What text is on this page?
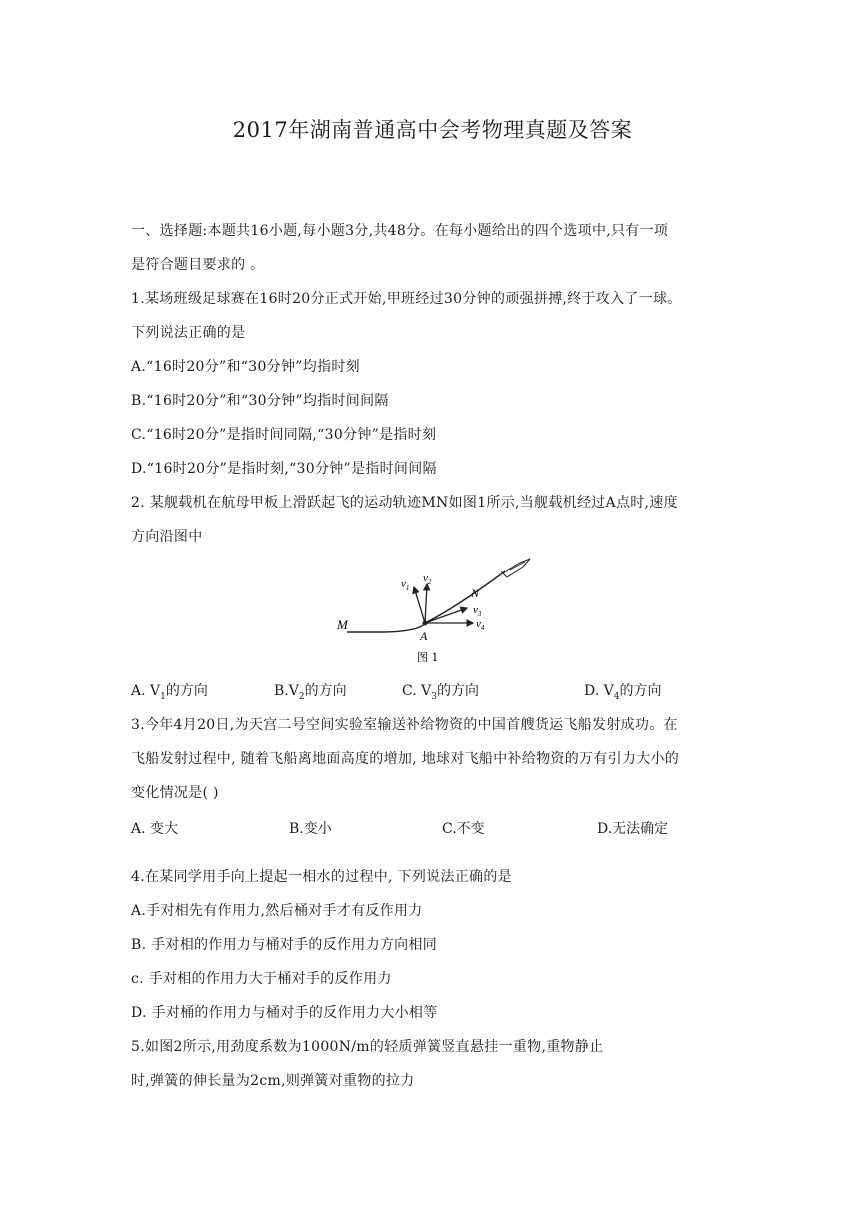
2017年湖南普通高中会考物理真题及答案
一、选择题:本题共16小题,每小题3分,共48分。在每小题给出的四个选项中,只有一项
是符合题目要求的 。
1.某场班级足球赛在16时20分正式开始,甲班经过30分钟的顽强拼搏,终于攻入了一球。
下列说法正确的是
A.“16时20分”和“30分钟”均指时刻
B.“16时20分”和“30分钟”均指时间间隔
C.“16时20分”是指时间同隔,“30分钟”是指时刻
D.“16时20分”是指时刻,“30分钟”是指时间间隔
2. 某舰载机在航母甲板上滑跃起飞的运动轨迹MN如图1所示,当舰载机经过A点时,速度
方向沿图中
M
N
A
$v_1$
$v_2$
$v_3$
$v_4$
图 1
A. $V_1$的方向	$B.V_2$的方向	C. $V_3$的方向	D. $V_4$的方向
3.今年4月20日,为天宫二号空间实验室输送补给物资的中国首艘货运飞船发射成功。在
飞船发射过程中, 随着飞船离地面高度的增加, 地球对飞船中补给物资的万有引力大小的
变化情况是( )
A. 变大	B.变小	C.不变	D.无法确定
4.在某同学用手向上提起一相水的过程中, 下列说法正确的是
A.手对相先有作用力,然后桶对手才有反作用力
B. 手对相的作用力与桶对手的反作用力方向相同
c. 手对相的作用力大于桶对手的反作用力
D. 手对桶的作用力与桶对手的反作用力大小相等
5.如图2所示,用劲度系数为1000N/m的轻质弹簧竖直悬挂一重物,重物静止
时,弹簧的伸长量为2cm,则弹簧对重物的拉力
